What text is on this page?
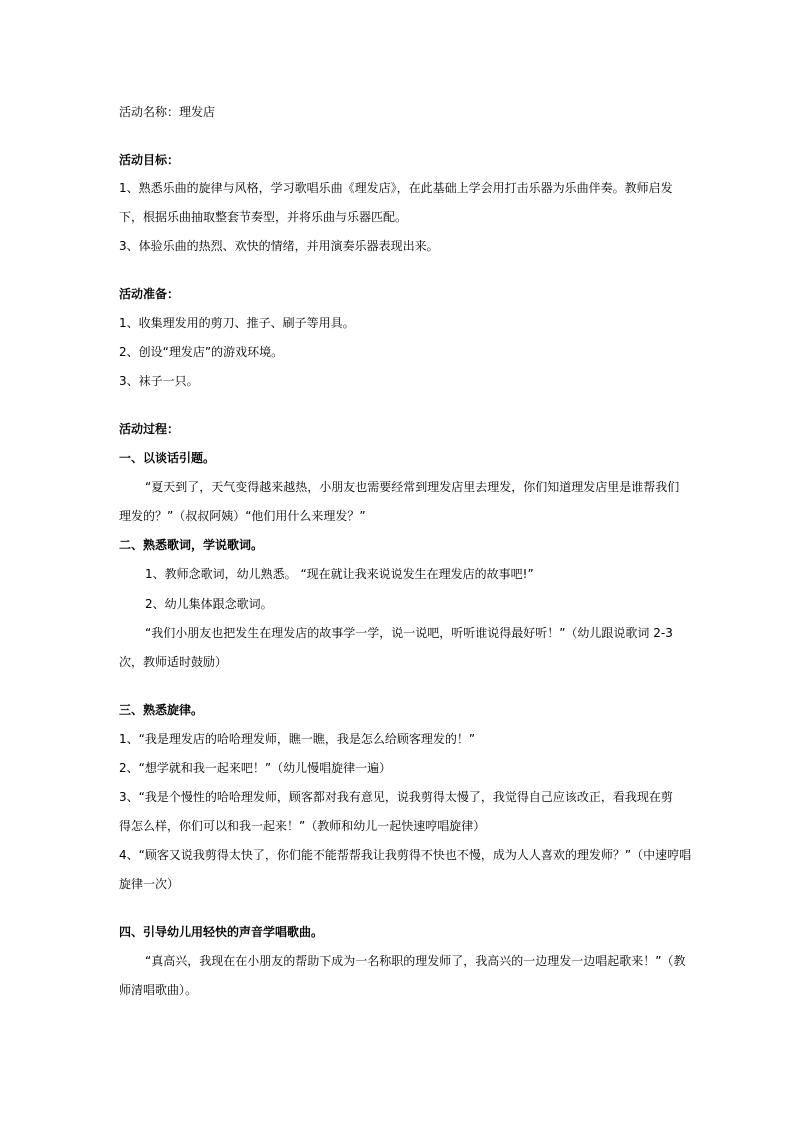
活动名称：理发店
活动目标：
1、熟悉乐曲的旋律与风格，学习歌唱乐曲《理发店》，在此基础上学会用打击乐器为乐曲伴奏。教师启发
下，根据乐曲抽取整套节奏型，并将乐曲与乐器匹配。
3、体验乐曲的热烈、欢快的情绪，并用演奏乐器表现出来。
活动准备：
1、收集理发用的剪刀、推子、刷子等用具。
2、创设“理发店”的游戏环境。
3、袜子一只。
活动过程：
一、以谈话引题。
“夏天到了，天气变得越来越热，小朋友也需要经常到理发店里去理发，你们知道理发店里是谁帮我们
理发的？”（叔叔阿姨）“他们用什么来理发？”
二、熟悉歌词，学说歌词。
1、教师念歌词，幼儿熟悉。 “现在就让我来说说发生在理发店的故事吧!”
2、幼儿集体跟念歌词。
“我们小朋友也把发生在理发店的故事学一学，说一说吧，听听谁说得最好听！”（幼儿跟说歌词 2-3
次，教师适时鼓励）
三、熟悉旋律。
1、“我是理发店的哈哈理发师，瞧一瞧，我是怎么给顾客理发的！”
2、“想学就和我一起来吧！”（幼儿慢唱旋律一遍）
3、“我是个慢性的哈哈理发师，顾客都对我有意见，说我剪得太慢了，我觉得自己应该改正，看我现在剪
得怎么样，你们可以和我一起来！”（教师和幼儿一起快速哼唱旋律）
4、“顾客又说我剪得太快了，你们能不能帮帮我让我剪得不快也不慢，成为人人喜欢的理发师？”（中速哼唱
旋律一次）
四、引导幼儿用轻快的声音学唱歌曲。
“真高兴，我现在在小朋友的帮助下成为一名称职的理发师了，我高兴的一边理发一边唱起歌来！”（教
师清唱歌曲）。
